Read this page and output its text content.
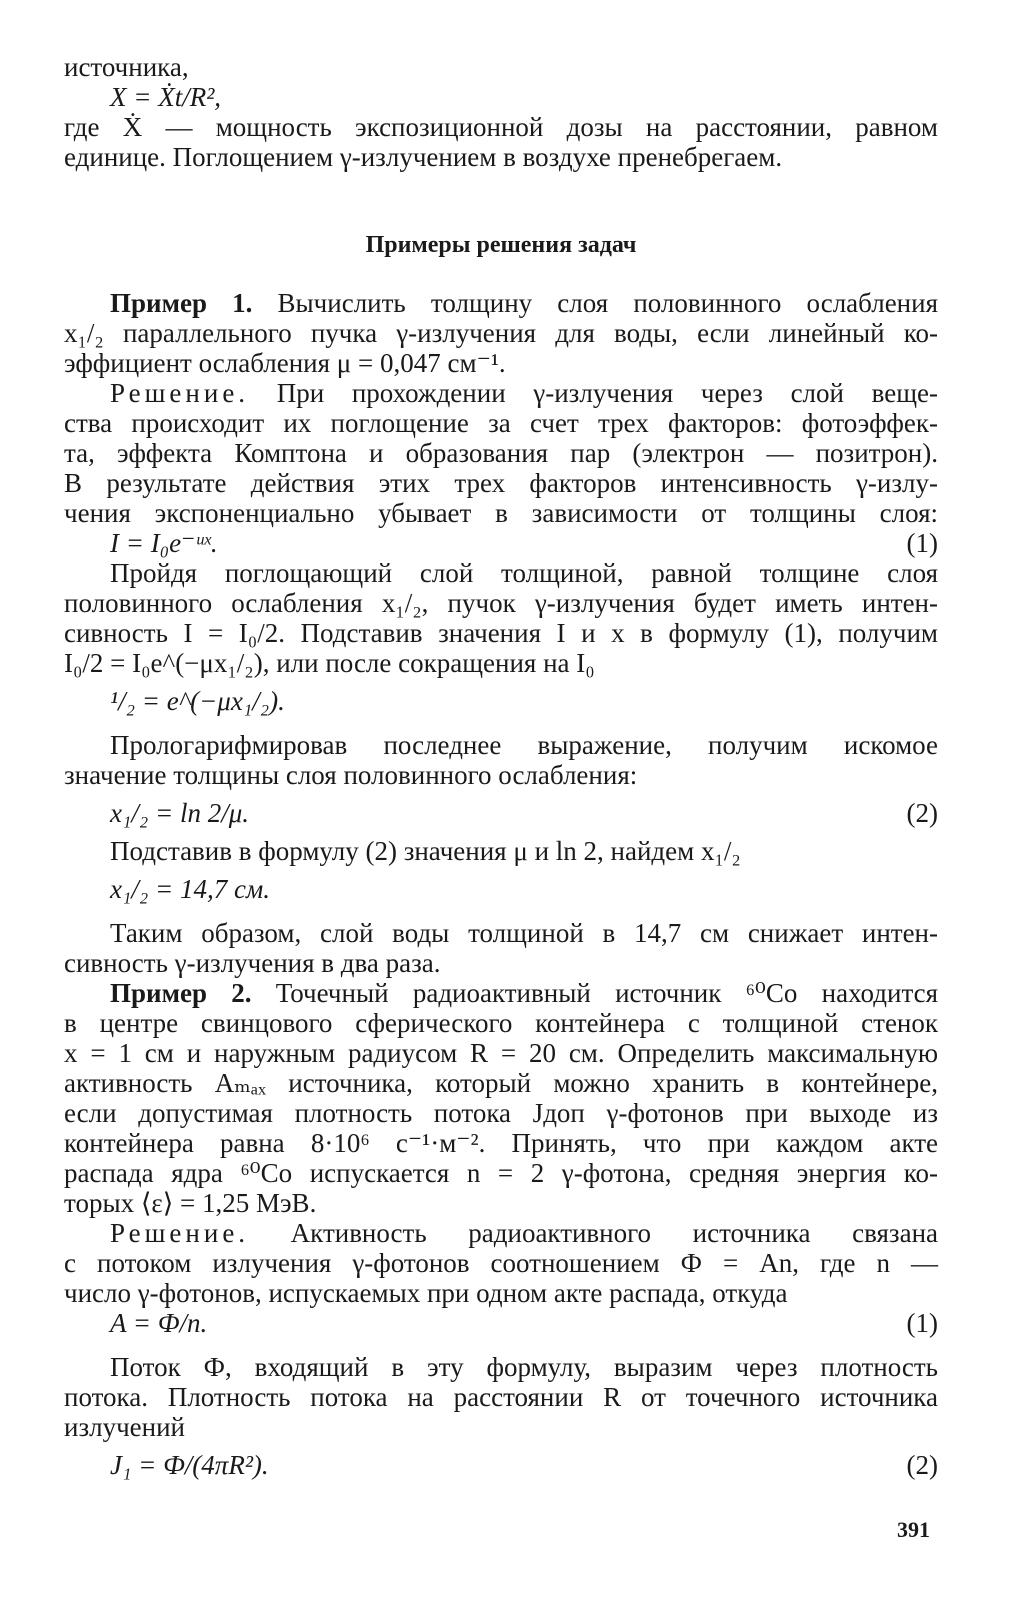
источника,
X = Ẋt/R²,
где Ẋ — мощность экспозиционной дозы на расстоянии, равном
единице. Поглощением γ-излучением в воздухе пренебрегаем.
Примеры решения задач
Пример 1. Вычислить толщину слоя половинного ослабления
x₁/₂ параллельного пучка γ-излучения для воды, если линейный ко-
эффициент ослабления μ = 0,047 см⁻¹.
Решение. При прохождении γ-излучения через слой веще-
ства происходит их поглощение за счет трех факторов: фотоэффек-
та, эффекта Комптона и образования пар (электрон — позитрон).
В результате действия этих трех факторов интенсивность γ-излу-
чения экспоненциально убывает в зависимости от толщины слоя:
I = I₀e⁻ᵘˣ.	(1)
Пройдя поглощающий слой толщиной, равной толщине слоя
половинного ослабления x₁/₂, пучок γ-излучения будет иметь интен-
сивность I = I₀/2. Подставив значения I и x в формулу (1), получим
I₀/2 = I₀e^(−μx₁/₂), или после сокращения на I₀
¹/₂ = e^(−μx₁/₂).
Прологарифмировав последнее выражение, получим искомое
значение толщины слоя половинного ослабления:
x₁/₂ = ln 2/μ.	(2)
Подставив в формулу (2) значения μ и ln 2, найдем x₁/₂
x₁/₂ = 14,7 см.
Таким образом, слой воды толщиной в 14,7 см снижает интен-
сивность γ-излучения в два раза.
Пример 2. Точечный радиоактивный источник ⁶⁰Co находится
в центре свинцового сферического контейнера с толщиной стенок
x = 1 см и наружным радиусом R = 20 см. Определить максимальную
активность Aₘₐₓ источника, который можно хранить в контейнере,
если допустимая плотность потока Jдоп γ-фотонов при выходе из
контейнера равна 8·10⁶ с⁻¹·м⁻². Принять, что при каждом акте
распада ядра ⁶⁰Co испускается n = 2 γ-фотона, средняя энергия ко-
торых ⟨ε⟩ = 1,25 МэВ.
Решение. Активность радиоактивного источника связана
с потоком излучения γ-фотонов соотношением Ф = An, где n —
число γ-фотонов, испускаемых при одном акте распада, откуда
A = Ф/n.	(1)
Поток Ф, входящий в эту формулу, выразим через плотность
потока. Плотность потока на расстоянии R от точечного источника
излучений
J₁ = Ф/(4πR²).	(2)
391
